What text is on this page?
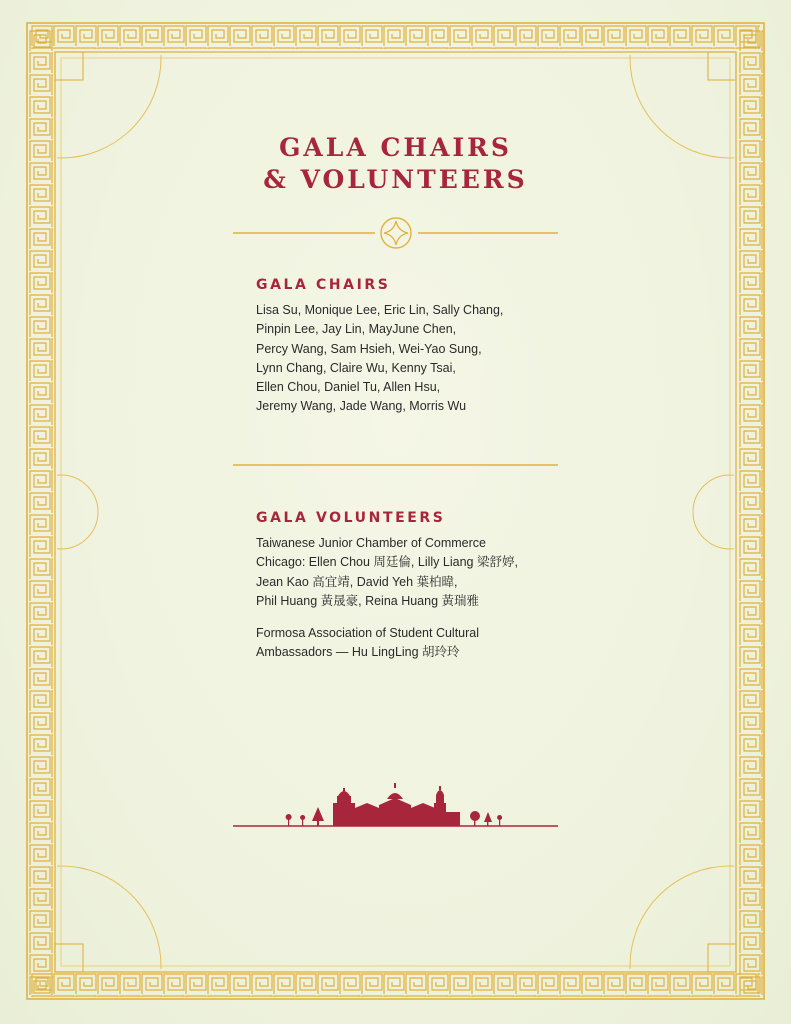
GALA CHAIRS
& VOLUNTEERS
GALA CHAIRS
Lisa Su, Monique Lee, Eric Lin, Sally Chang,
Pinpin Lee, Jay Lin, MayJune Chen,
Percy Wang, Sam Hsieh, Wei-Yao Sung,
Lynn Chang, Claire Wu, Kenny Tsai,
Ellen Chou, Daniel Tu, Allen Hsu,
Jeremy Wang, Jade Wang, Morris Wu
GALA VOLUNTEERS
Taiwanese Junior Chamber of Commerce
Chicago: Ellen Chou 周廷倫, Lilly Liang 梁舒婷,
Jean Kao 高宜靖, David Yeh 葉柏暐,
Phil Huang 黃晟豪, Reina Huang 黃瑞雅
Formosa Association of Student Cultural
Ambassadors — Hu LingLing 胡玲玲
